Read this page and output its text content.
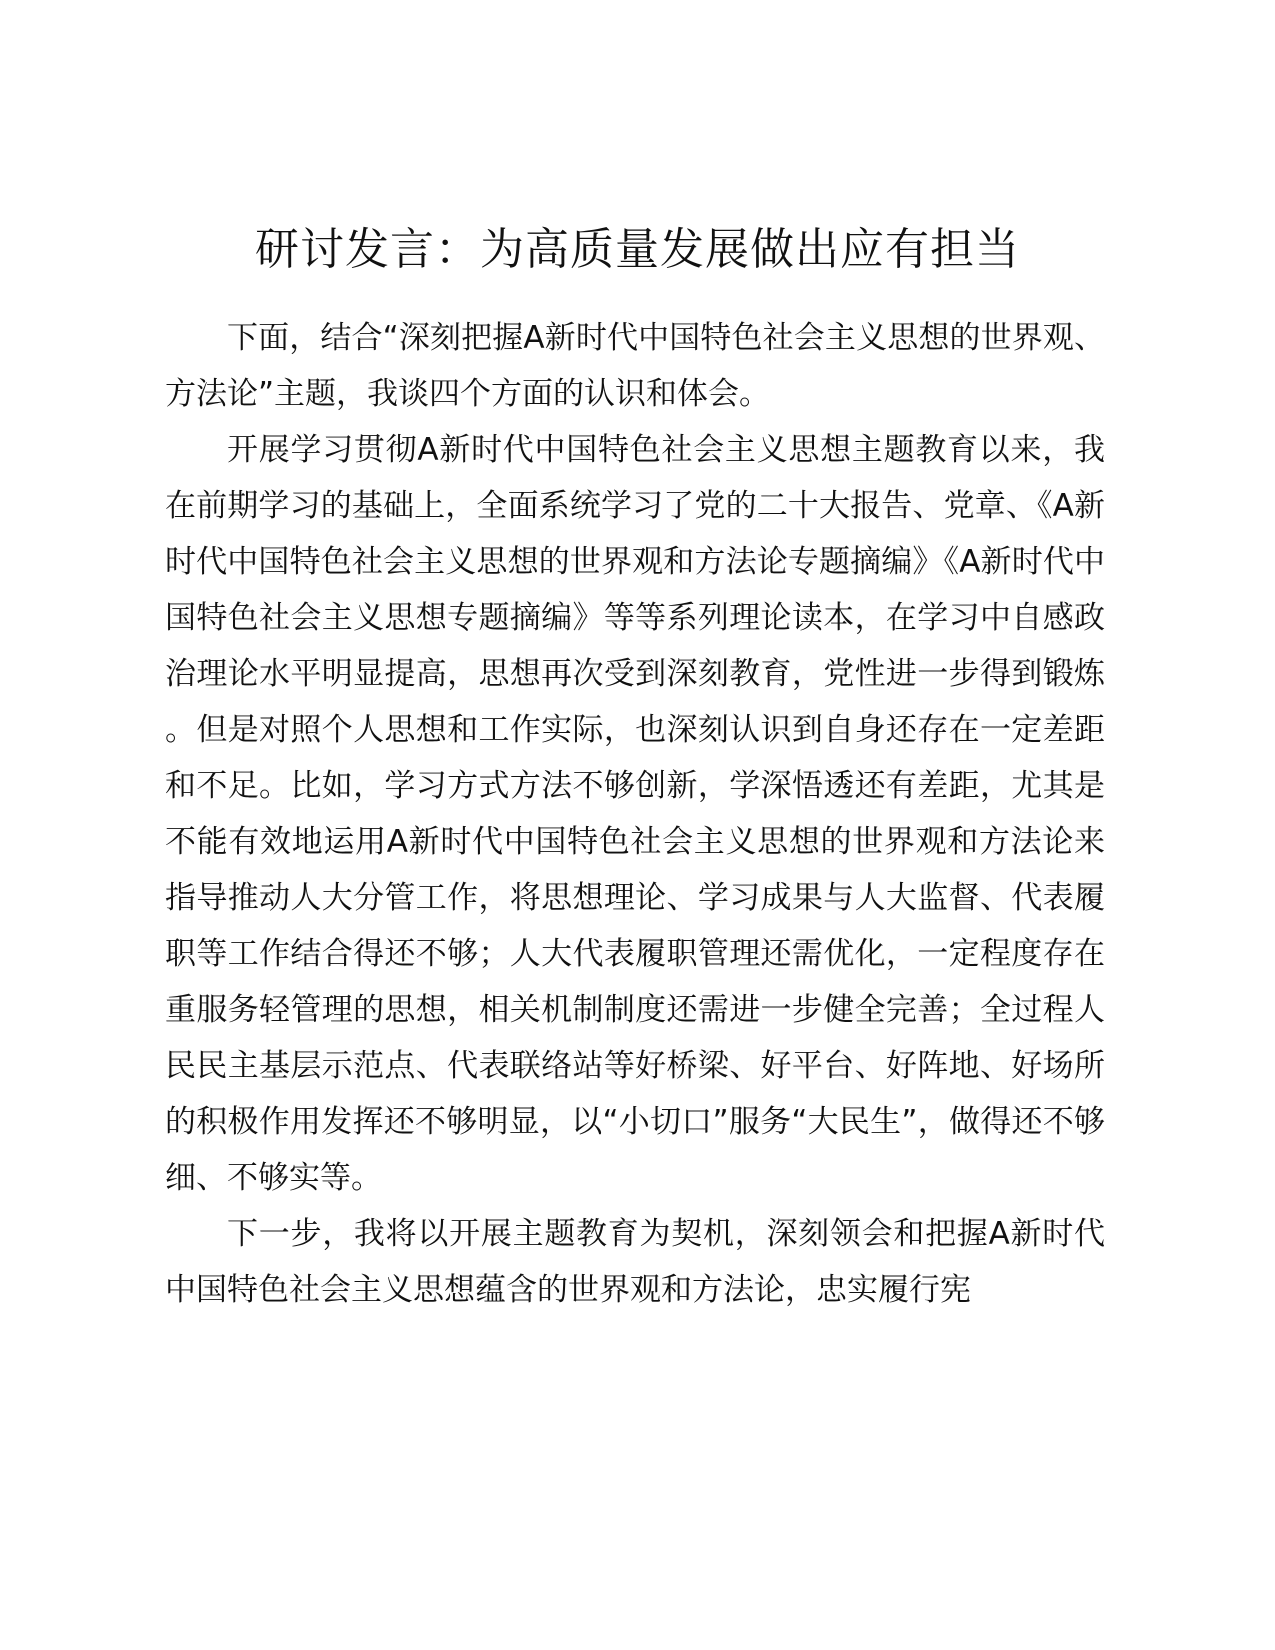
研讨发言：为高质量发展做出应有担当

下面，结合“深刻把握A新时代中国特色社会主义思想的世界观、方法论”主题，我谈四个方面的认识和体会。

开展学习贯彻A新时代中国特色社会主义思想主题教育以来，我在前期学习的基础上，全面系统学习了党的二十大报告、党章、《A新时代中国特色社会主义思想的世界观和方法论专题摘编》《A新时代中国特色社会主义思想专题摘编》等等系列理论读本，在学习中自感政治理论水平明显提高，思想再次受到深刻教育，党性进一步得到锻炼。但是对照个人思想和工作实际，也深刻认识到自身还存在一定差距和不足。比如，学习方式方法不够创新，学深悟透还有差距，尤其是不能有效地运用A新时代中国特色社会主义思想的世界观和方法论来指导推动人大分管工作，将思想理论、学习成果与人大监督、代表履职等工作结合得还不够；人大代表履职管理还需优化，一定程度存在重服务轻管理的思想，相关机制制度还需进一步健全完善；全过程人民民主基层示范点、代表联络站等好桥梁、好平台、好阵地、好场所的积极作用发挥还不够明显，以“小切口”服务“大民生”，做得还不够细、不够实等。

下一步，我将以开展主题教育为契机，深刻领会和把握A新时代中国特色社会主义思想蕴含的世界观和方法论，忠实履行宪
